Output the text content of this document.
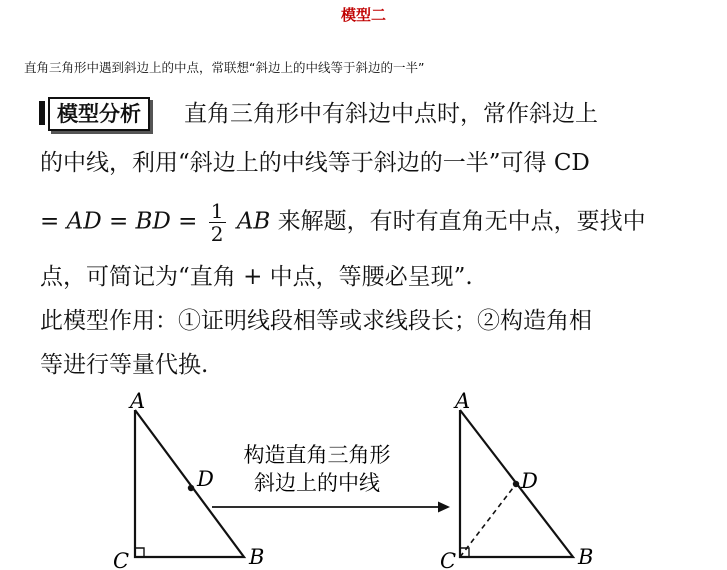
模型二
直角三角形中遇到斜边上的中点，常联想“斜边上的中线等于斜边的一半”
模型分析	直角三角形中有斜边中点时，常作斜边上
的中线，利用“斜边上的中线等于斜边的一半”可得 CD
= AD = BD = $\frac{1}{2}$ AB 来解题，有时有直角无中点，要找中
点，可简记为“直角 + 中点，等腰必呈现”.
此模型作用：①证明线段相等或求线段长；②构造角相
等进行等量代换.
A
C	B
D
构造直角三角形
斜边上的中线
A
C	B
D
